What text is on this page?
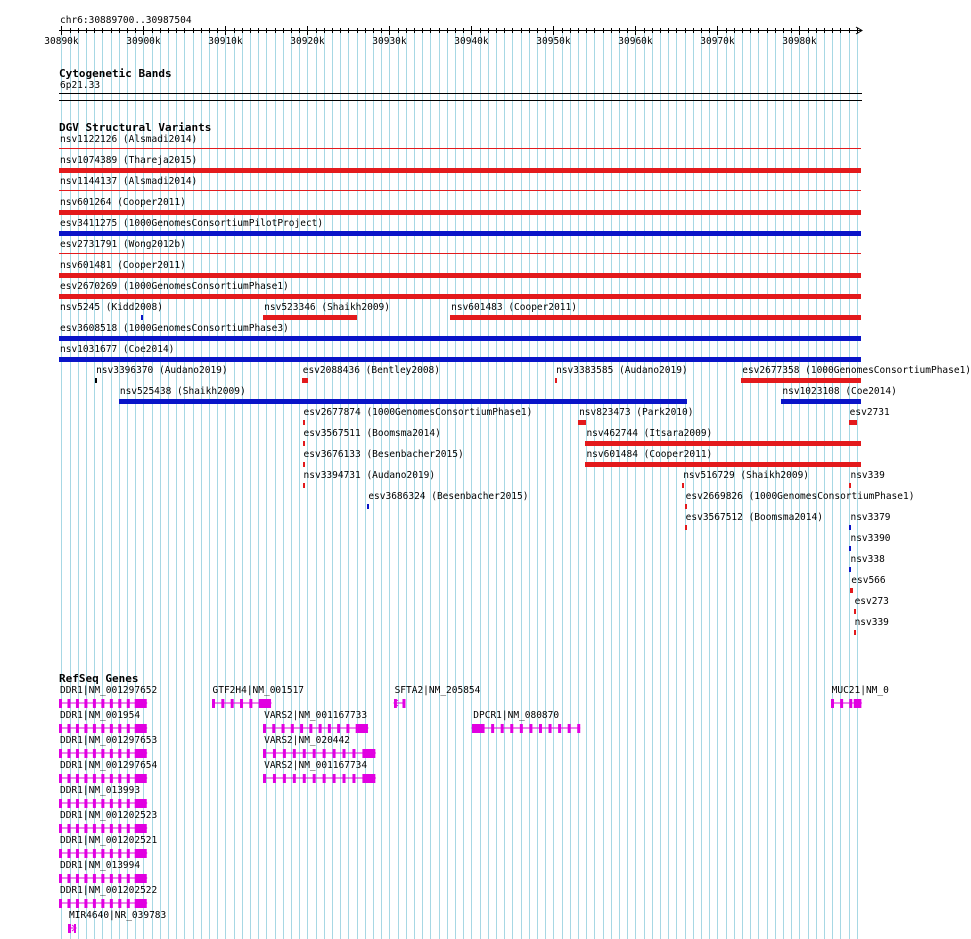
chr6:30889700..30987504
30890k	30900k	30910k	30920k	30930k	30940k	30950k	30960k	30970k	30980k
Cytogenetic Bands
6p21.33
DGV Structural Variants
nsv1122126 (Alsmadi2014)
nsv1074389 (Thareja2015)
nsv1144137 (Alsmadi2014)
nsv601264 (Cooper2011)
esv3411275 (1000GenomesConsortiumPilotProject)
esv2731791 (Wong2012b)
nsv601481 (Cooper2011)
esv2670269 (1000GenomesConsortiumPhase1)
nsv5245 (Kidd2008)	nsv523346 (Shaikh2009)	nsv601483 (Cooper2011)
esv3608518 (1000GenomesConsortiumPhase3)
nsv1031677 (Coe2014)
nsv3396370 (Audano2019)	esv2088436 (Bentley2008)	nsv3383585 (Audano2019)	esv2677358 (1000GenomesConsortiumPhase1)
nsv525438 (Shaikh2009)	nsv1023108 (Coe2014)
esv2677874 (1000GenomesConsortiumPhase1)	nsv823473 (Park2010)	esv2731
esv3567511 (Boomsma2014)	nsv462744 (Itsara2009)
esv3676133 (Besenbacher2015)	nsv601484 (Cooper2011)
nsv3394731 (Audano2019)	nsv516729 (Shaikh2009)	nsv339
esv3686324 (Besenbacher2015)	esv2669826 (1000GenomesConsortiumPhase1)
esv3567512 (Boomsma2014)	nsv3379
nsv3390
nsv338
esv566
esv273
nsv339
RefSeq Genes
DDR1|NM_001297652	GTF2H4|NM_001517	SFTA2|NM_205854	MUC21|NM_0
DDR1|NM_001954	VARS2|NM_001167733	DPCR1|NM_080870
DDR1|NM_001297653	VARS2|NM_020442
DDR1|NM_001297654	VARS2|NM_001167734
DDR1|NM_013993
DDR1|NM_001202523
DDR1|NM_001202521
DDR1|NM_013994
DDR1|NM_001202522
MIR4640|NR_039783
